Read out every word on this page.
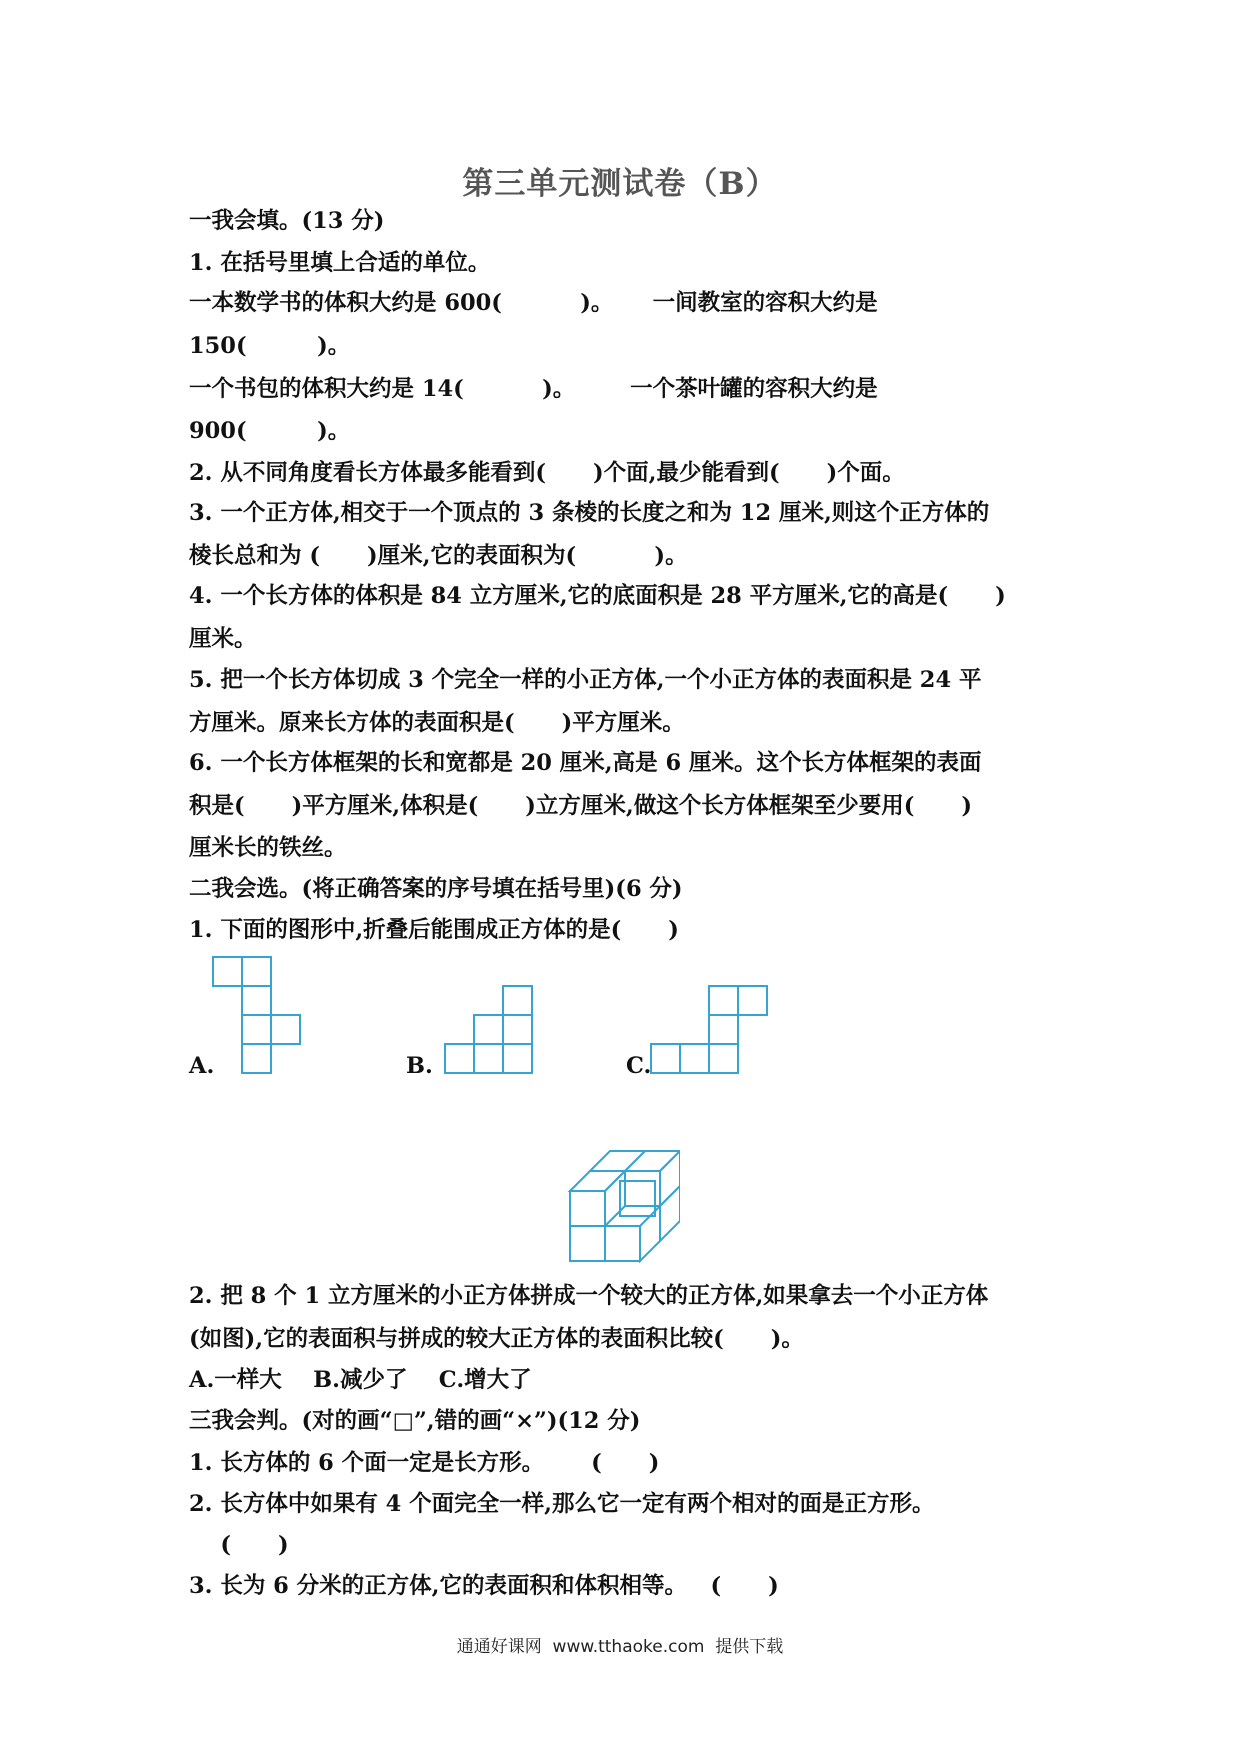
第三单元测试卷（B）
一我会填。(13 分)
1. 在括号里填上合适的单位。
一本数学书的体积大约是 600(          )。     一间教室的容积大约是
150(         )。
一个书包的体积大约是 14(          )。       一个茶叶罐的容积大约是
900(         )。
2. 从不同角度看长方体最多能看到(      )个面,最少能看到(      )个面。
3. 一个正方体,相交于一个顶点的 3 条棱的长度之和为 12 厘米,则这个正方体的
棱长总和为 (      )厘米,它的表面积为(          )。
4. 一个长方体的体积是 84 立方厘米,它的底面积是 28 平方厘米,它的高是(      )
厘米。
5. 把一个长方体切成 3 个完全一样的小正方体,一个小正方体的表面积是 24 平
方厘米。原来长方体的表面积是(      )平方厘米。
6. 一个长方体框架的长和宽都是 20 厘米,高是 6 厘米。这个长方体框架的表面
积是(      )平方厘米,体积是(      )立方厘米,做这个长方体框架至少要用(      )
厘米长的铁丝。
二我会选。(将正确答案的序号填在括号里)(6 分)
1. 下面的图形中,折叠后能围成正方体的是(      )
A.	B.	C.
2. 把 8 个 1 立方厘米的小正方体拼成一个较大的正方体,如果拿去一个小正方体
(如图),它的表面积与拼成的较大正方体的表面积比较(      )。
A.一样大    B.减少了    C.增大了
三我会判。(对的画“□”,错的画“×”)(12 分)
1. 长方体的 6 个面一定是长方形。      (      )
2. 长方体中如果有 4 个面完全一样,那么它一定有两个相对的面是正方形。
(      )
3. 长为 6 分米的正方体,它的表面积和体积相等。   (      )
通通好课网  www.tthaoke.com  提供下载
